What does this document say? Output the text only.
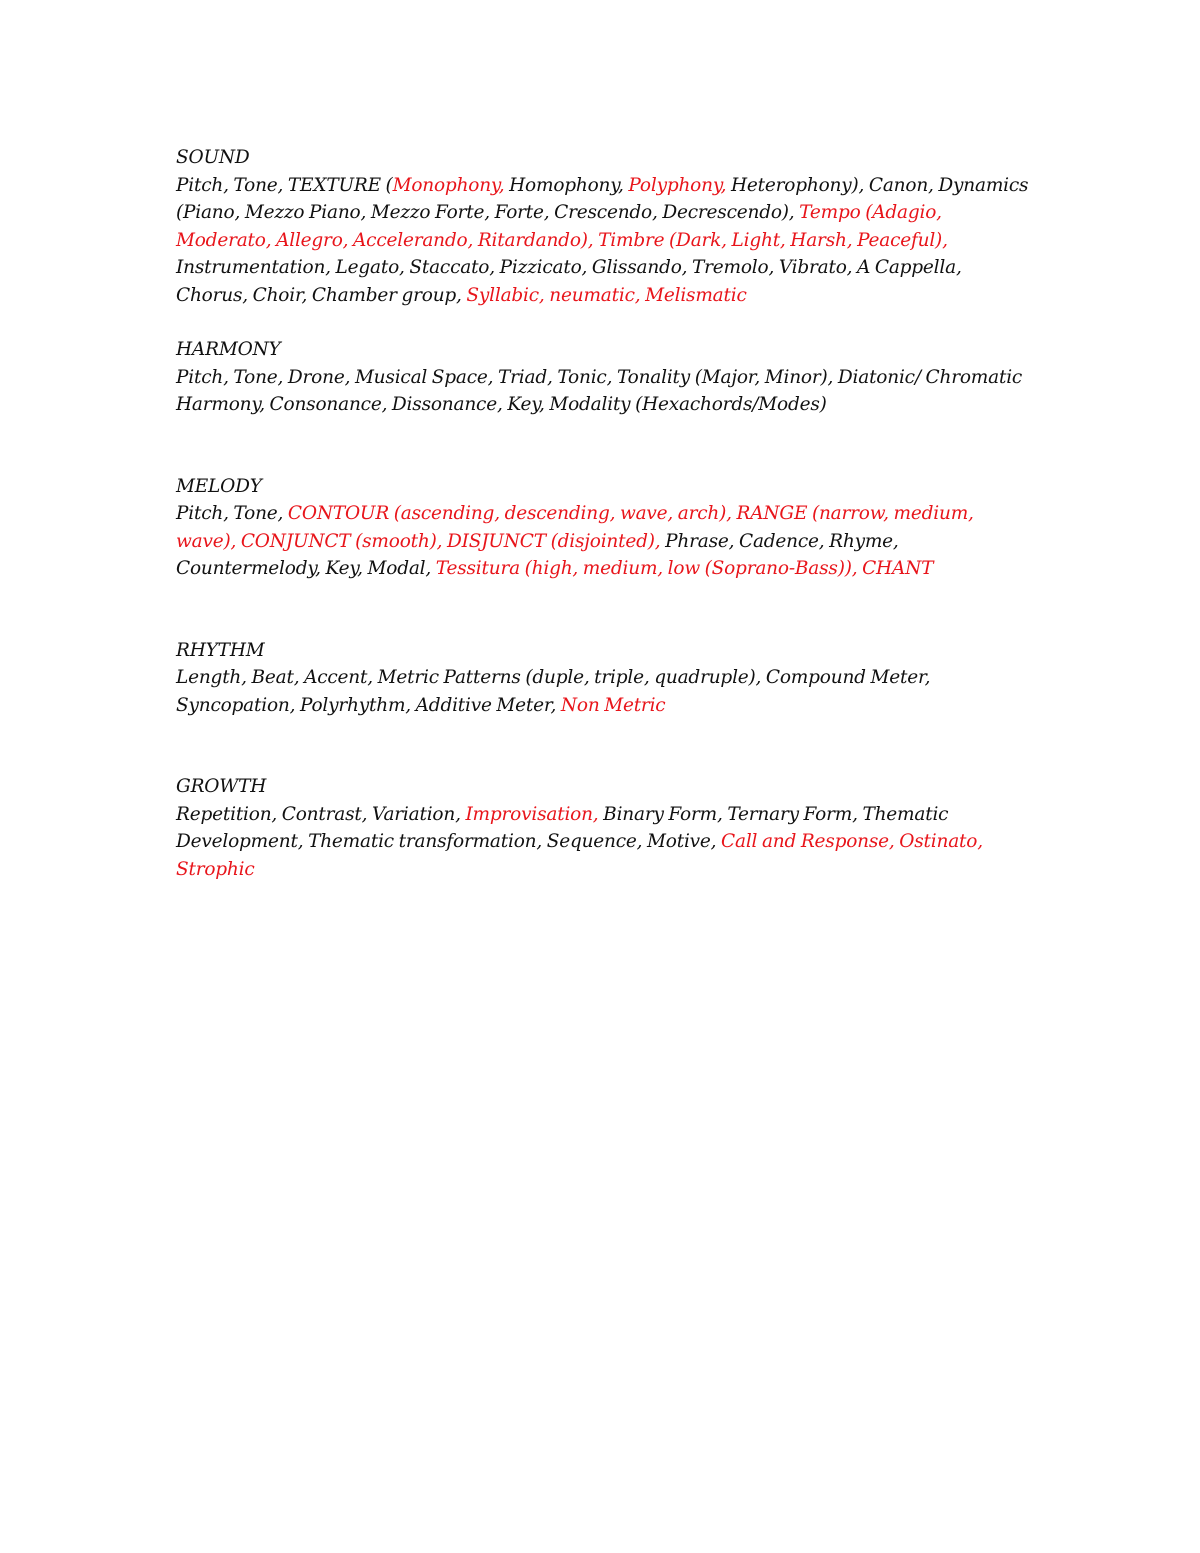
SOUND
Pitch, Tone, TEXTURE (Monophony, Homophony, Polyphony, Heterophony), Canon, Dynamics (Piano, Mezzo Piano, Mezzo Forte, Forte, Crescendo, Decrescendo), Tempo (Adagio, Moderato, Allegro, Accelerando, Ritardando), Timbre (Dark, Light, Harsh, Peaceful), Instrumentation, Legato, Staccato, Pizzicato, Glissando, Tremolo, Vibrato, A Cappella, Chorus, Choir, Chamber group, Syllabic, neumatic, Melismatic
HARMONY
Pitch, Tone, Drone, Musical Space, Triad, Tonic, Tonality (Major, Minor), Diatonic/ Chromatic Harmony, Consonance, Dissonance, Key, Modality (Hexachords/Modes)
MELODY
Pitch, Tone, CONTOUR (ascending, descending, wave, arch), RANGE (narrow, medium, wave), CONJUNCT (smooth), DISJUNCT (disjointed), Phrase, Cadence, Rhyme, Countermelody, Key, Modal, Tessitura (high, medium, low (Soprano-Bass)), CHANT
RHYTHM
Length, Beat, Accent, Metric Patterns (duple, triple, quadruple), Compound Meter, Syncopation, Polyrhythm, Additive Meter, Non Metric
GROWTH
Repetition, Contrast, Variation, Improvisation, Binary Form, Ternary Form, Thematic Development, Thematic transformation, Sequence, Motive, Call and Response, Ostinato, Strophic
